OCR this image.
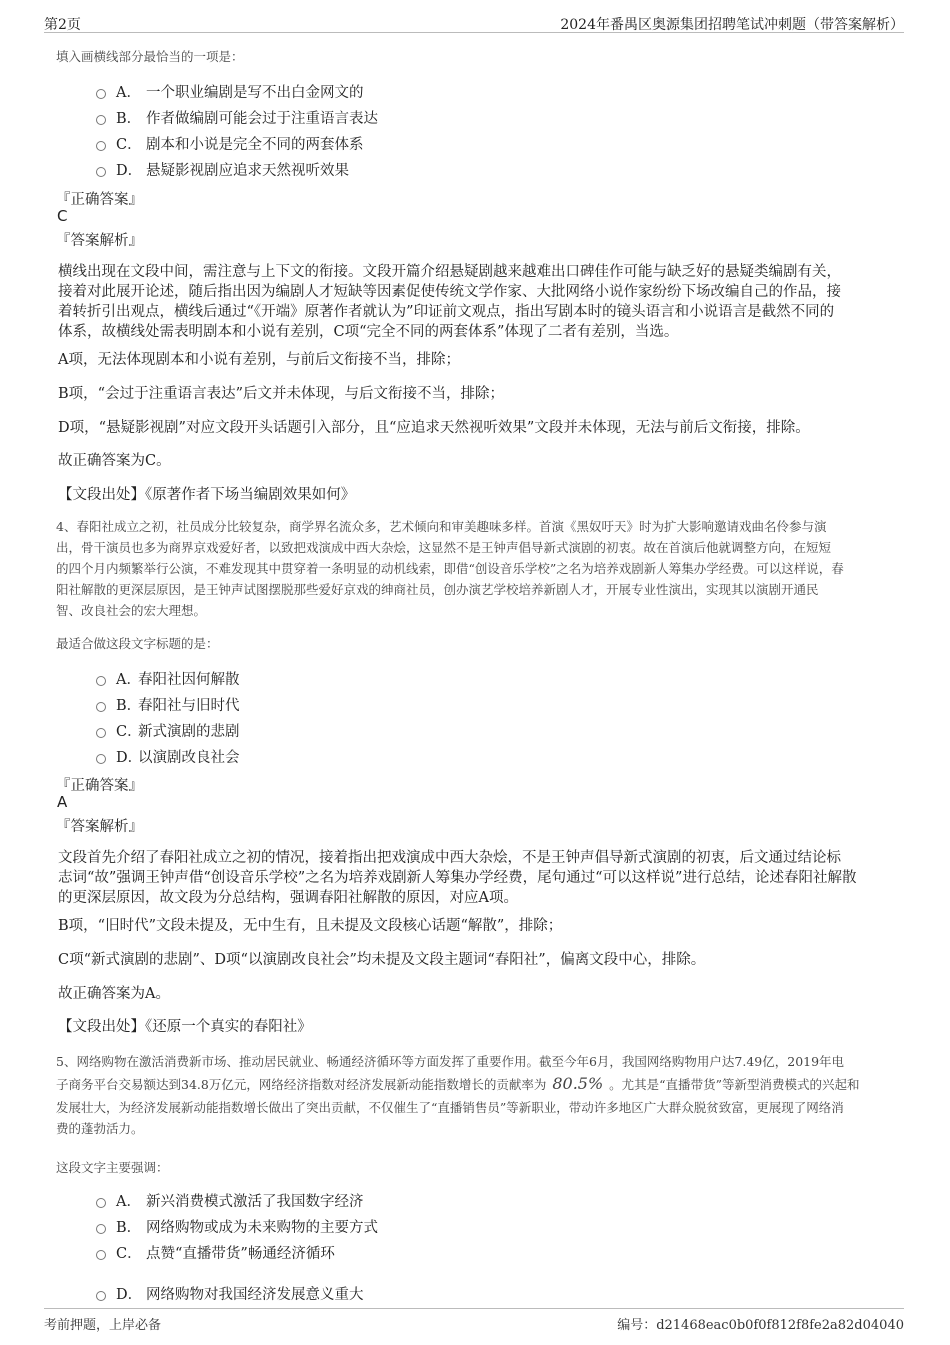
第2页	2024年番禺区奥源集团招聘笔试冲刺题（带答案解析）
填入画横线部分最恰当的一项是：
A． 一个职业编剧是写不出白金网文的
B． 作者做编剧可能会过于注重语言表达
C． 剧本和小说是完全不同的两套体系
D． 悬疑影视剧应追求天然视听效果
『正确答案』
C
『答案解析』
横线出现在文段中间，需注意与上下文的衔接。文段开篇介绍悬疑剧越来越难出口碑佳作可能与缺乏好的悬疑类编剧有关，
接着对此展开论述，随后指出因为编剧人才短缺等因素促使传统文学作家、大批网络小说作家纷纷下场改编自己的作品，接
着转折引出观点，横线后通过“《开端》原著作者就认为”印证前文观点，指出写剧本时的镜头语言和小说语言是截然不同的
体系，故横线处需表明剧本和小说有差别，C项“完全不同的两套体系”体现了二者有差别，当选。
A项，无法体现剧本和小说有差别，与前后文衔接不当，排除；
B项，“会过于注重语言表达”后文并未体现，与后文衔接不当，排除；
D项，“悬疑影视剧”对应文段开头话题引入部分，且“应追求天然视听效果”文段并未体现，无法与前后文衔接，排除。
故正确答案为C。
【文段出处】《原著作者下场当编剧效果如何》
4、春阳社成立之初，社员成分比较复杂，商学界名流众多，艺术倾向和审美趣味多样。首演《黑奴吁天》时为扩大影响邀请戏曲名伶参与演
出，骨干演员也多为商界京戏爱好者，以致把戏演成中西大杂烩，这显然不是王钟声倡导新式演剧的初衷。故在首演后他就调整方向，在短短
的四个月内频繁举行公演，不难发现其中贯穿着一条明显的动机线索，即借“创设音乐学校”之名为培养戏剧新人筹集办学经费。可以这样说，春
阳社解散的更深层原因，是王钟声试图摆脱那些爱好京戏的绅商社员，创办演艺学校培养新剧人才，开展专业性演出，实现其以演剧开通民
智、改良社会的宏大理想。
最适合做这段文字标题的是：
A．
春阳社因何解散
B．
春阳社与旧时代
C．
新式演剧的悲剧
D．
以演剧改良社会
『正确答案』
A
『答案解析』
文段首先介绍了春阳社成立之初的情况，接着指出把戏演成中西大杂烩，不是王钟声倡导新式演剧的初衷，后文通过结论标
志词“故”强调王钟声借“创设音乐学校”之名为培养戏剧新人筹集办学经费，尾句通过“可以这样说”进行总结，论述春阳社解散
的更深层原因，故文段为分总结构，强调春阳社解散的原因，对应A项。
B项，“旧时代”文段未提及，无中生有，且未提及文段核心话题“解散”，排除；
C项“新式演剧的悲剧”、D项“以演剧改良社会”均未提及文段主题词“春阳社”，偏离文段中心，排除。
故正确答案为A。
【文段出处】《还原一个真实的春阳社》
5、网络购物在激活消费新市场、推动居民就业、畅通经济循环等方面发挥了重要作用。截至今年6月，我国网络购物用户达7.49亿，2019年电
子商务平台交易额达到34.8万亿元，网络经济指数对经济发展新动能指数增长的贡献率为 80.5% 。尤其是“直播带货”等新型消费模式的兴起和
发展壮大，为经济发展新动能指数增长做出了突出贡献，不仅催生了“直播销售员”等新职业，带动许多地区广大群众脱贫致富，更展现了网络消
费的蓬勃活力。
这段文字主要强调：
A． 新兴消费模式激活了我国数字经济
B． 网络购物或成为未来购物的主要方式
C． 点赞“直播带货”畅通经济循环
D． 网络购物对我国经济发展意义重大
考前押题，上岸必备	编号：d21468eac0b0f0f812f8fe2a82d04040
